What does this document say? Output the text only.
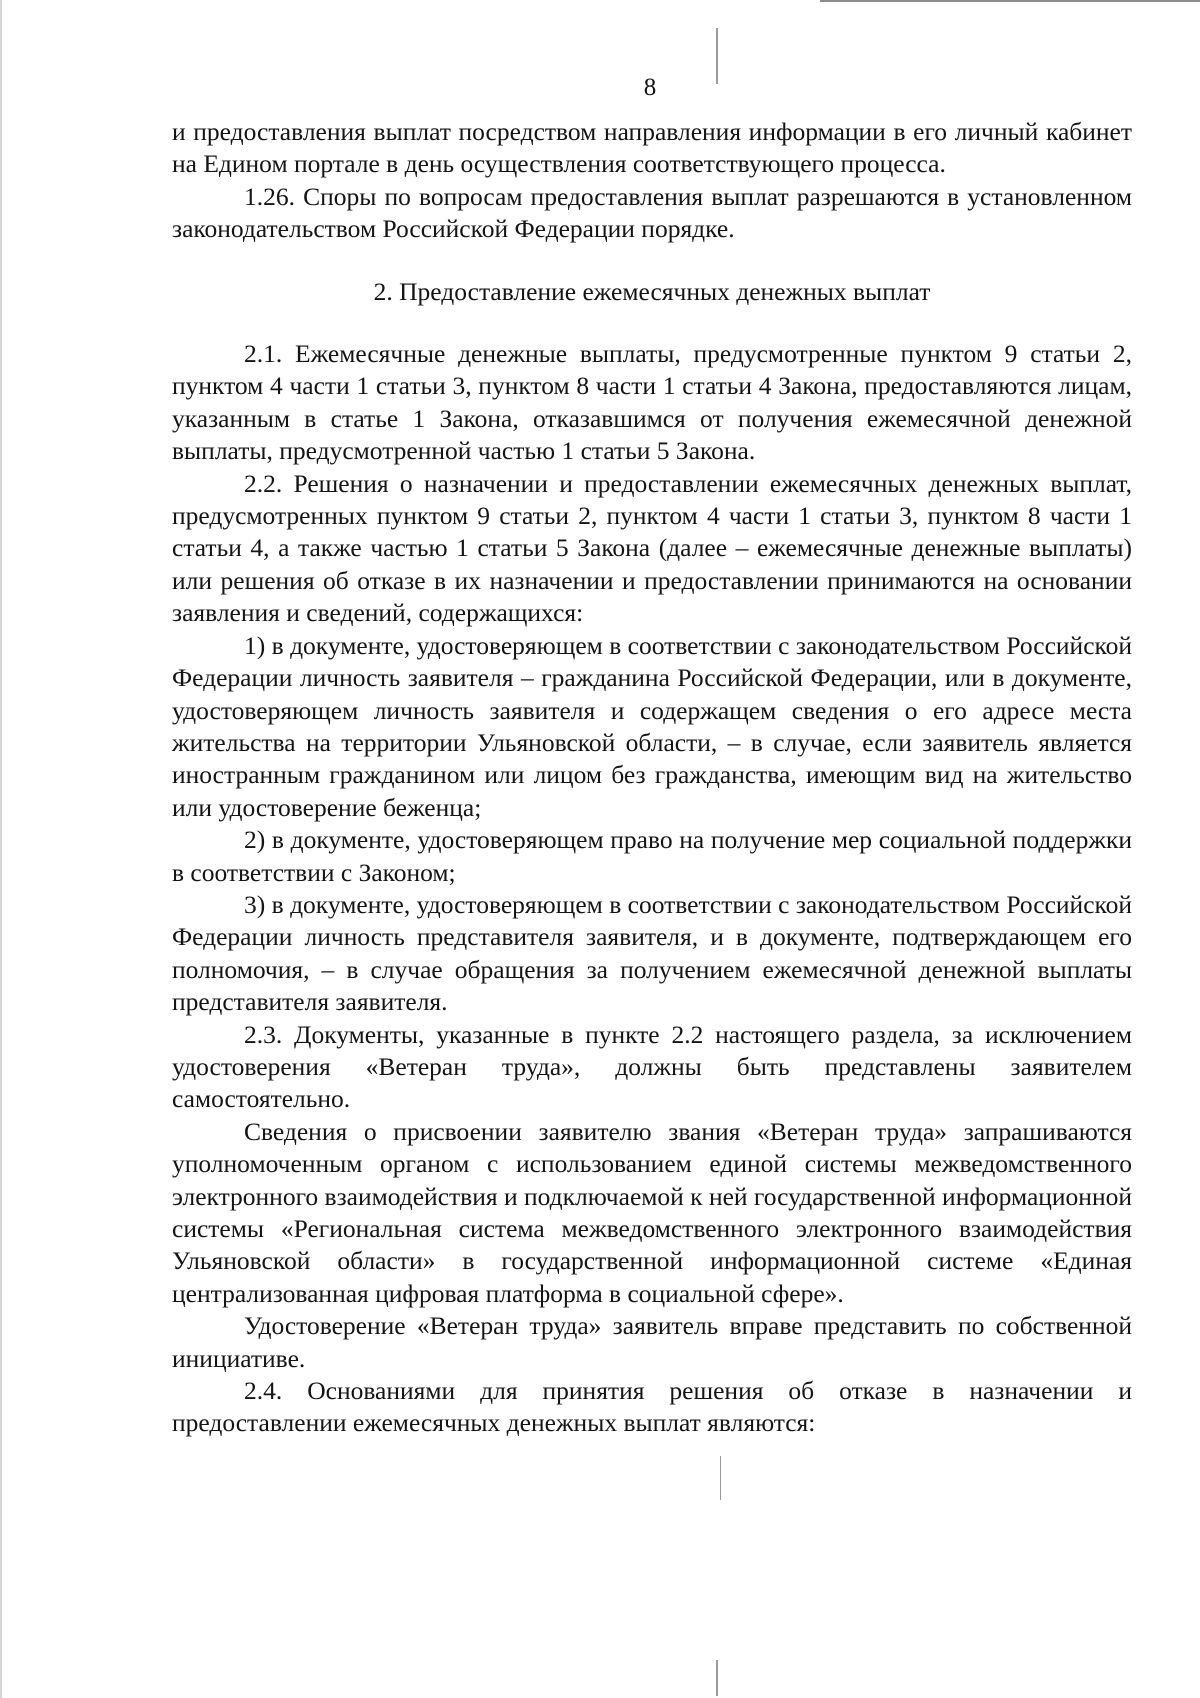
8

и предоставления выплат посредством направления информации в его личный кабинет на Едином портале в день осуществления соответствующего процесса.

1.26. Споры по вопросам предоставления выплат разрешаются в установленном законодательством Российской Федерации порядке.

2. Предоставление ежемесячных денежных выплат

2.1. Ежемесячные денежные выплаты, предусмотренные пунктом 9 статьи 2, пунктом 4 части 1 статьи 3, пунктом 8 части 1 статьи 4 Закона, предоставляются лицам, указанным в статье 1 Закона, отказавшимся от получения ежемесячной денежной выплаты, предусмотренной частью 1 статьи 5 Закона.

2.2. Решения о назначении и предоставлении ежемесячных денежных выплат, предусмотренных пунктом 9 статьи 2, пунктом 4 части 1 статьи 3, пунктом 8 части 1 статьи 4, а также частью 1 статьи 5 Закона (далее – ежемесячные денежные выплаты) или решения об отказе в их назначении и предоставлении принимаются на основании заявления и сведений, содержащихся:

1) в документе, удостоверяющем в соответствии с законодательством Российской Федерации личность заявителя – гражданина Российской Федерации, или в документе, удостоверяющем личность заявителя и содержащем сведения о его адресе места жительства на территории Ульяновской области, – в случае, если заявитель является иностранным гражданином или лицом без гражданства, имеющим вид на жительство или удостоверение беженца;

2) в документе, удостоверяющем право на получение мер социальной поддержки в соответствии с Законом;

3) в документе, удостоверяющем в соответствии с законодательством Российской Федерации личность представителя заявителя, и в документе, подтверждающем его полномочия, – в случае обращения за получением ежемесячной денежной выплаты представителя заявителя.

2.3. Документы, указанные в пункте 2.2 настоящего раздела, за исключением удостоверения «Ветеран труда», должны быть представлены заявителем самостоятельно.

Сведения о присвоении заявителю звания «Ветеран труда» запрашиваются уполномоченным органом с использованием единой системы межведомственного электронного взаимодействия и подключаемой к ней государственной информационной системы «Региональная система межведомственного электронного взаимодействия Ульяновской области» в государственной информационной системе «Единая централизованная цифровая платформа в социальной сфере».

Удостоверение «Ветеран труда» заявитель вправе представить по собственной инициативе.

2.4. Основаниями для принятия решения об отказе в назначении и предоставлении ежемесячных денежных выплат являются:
